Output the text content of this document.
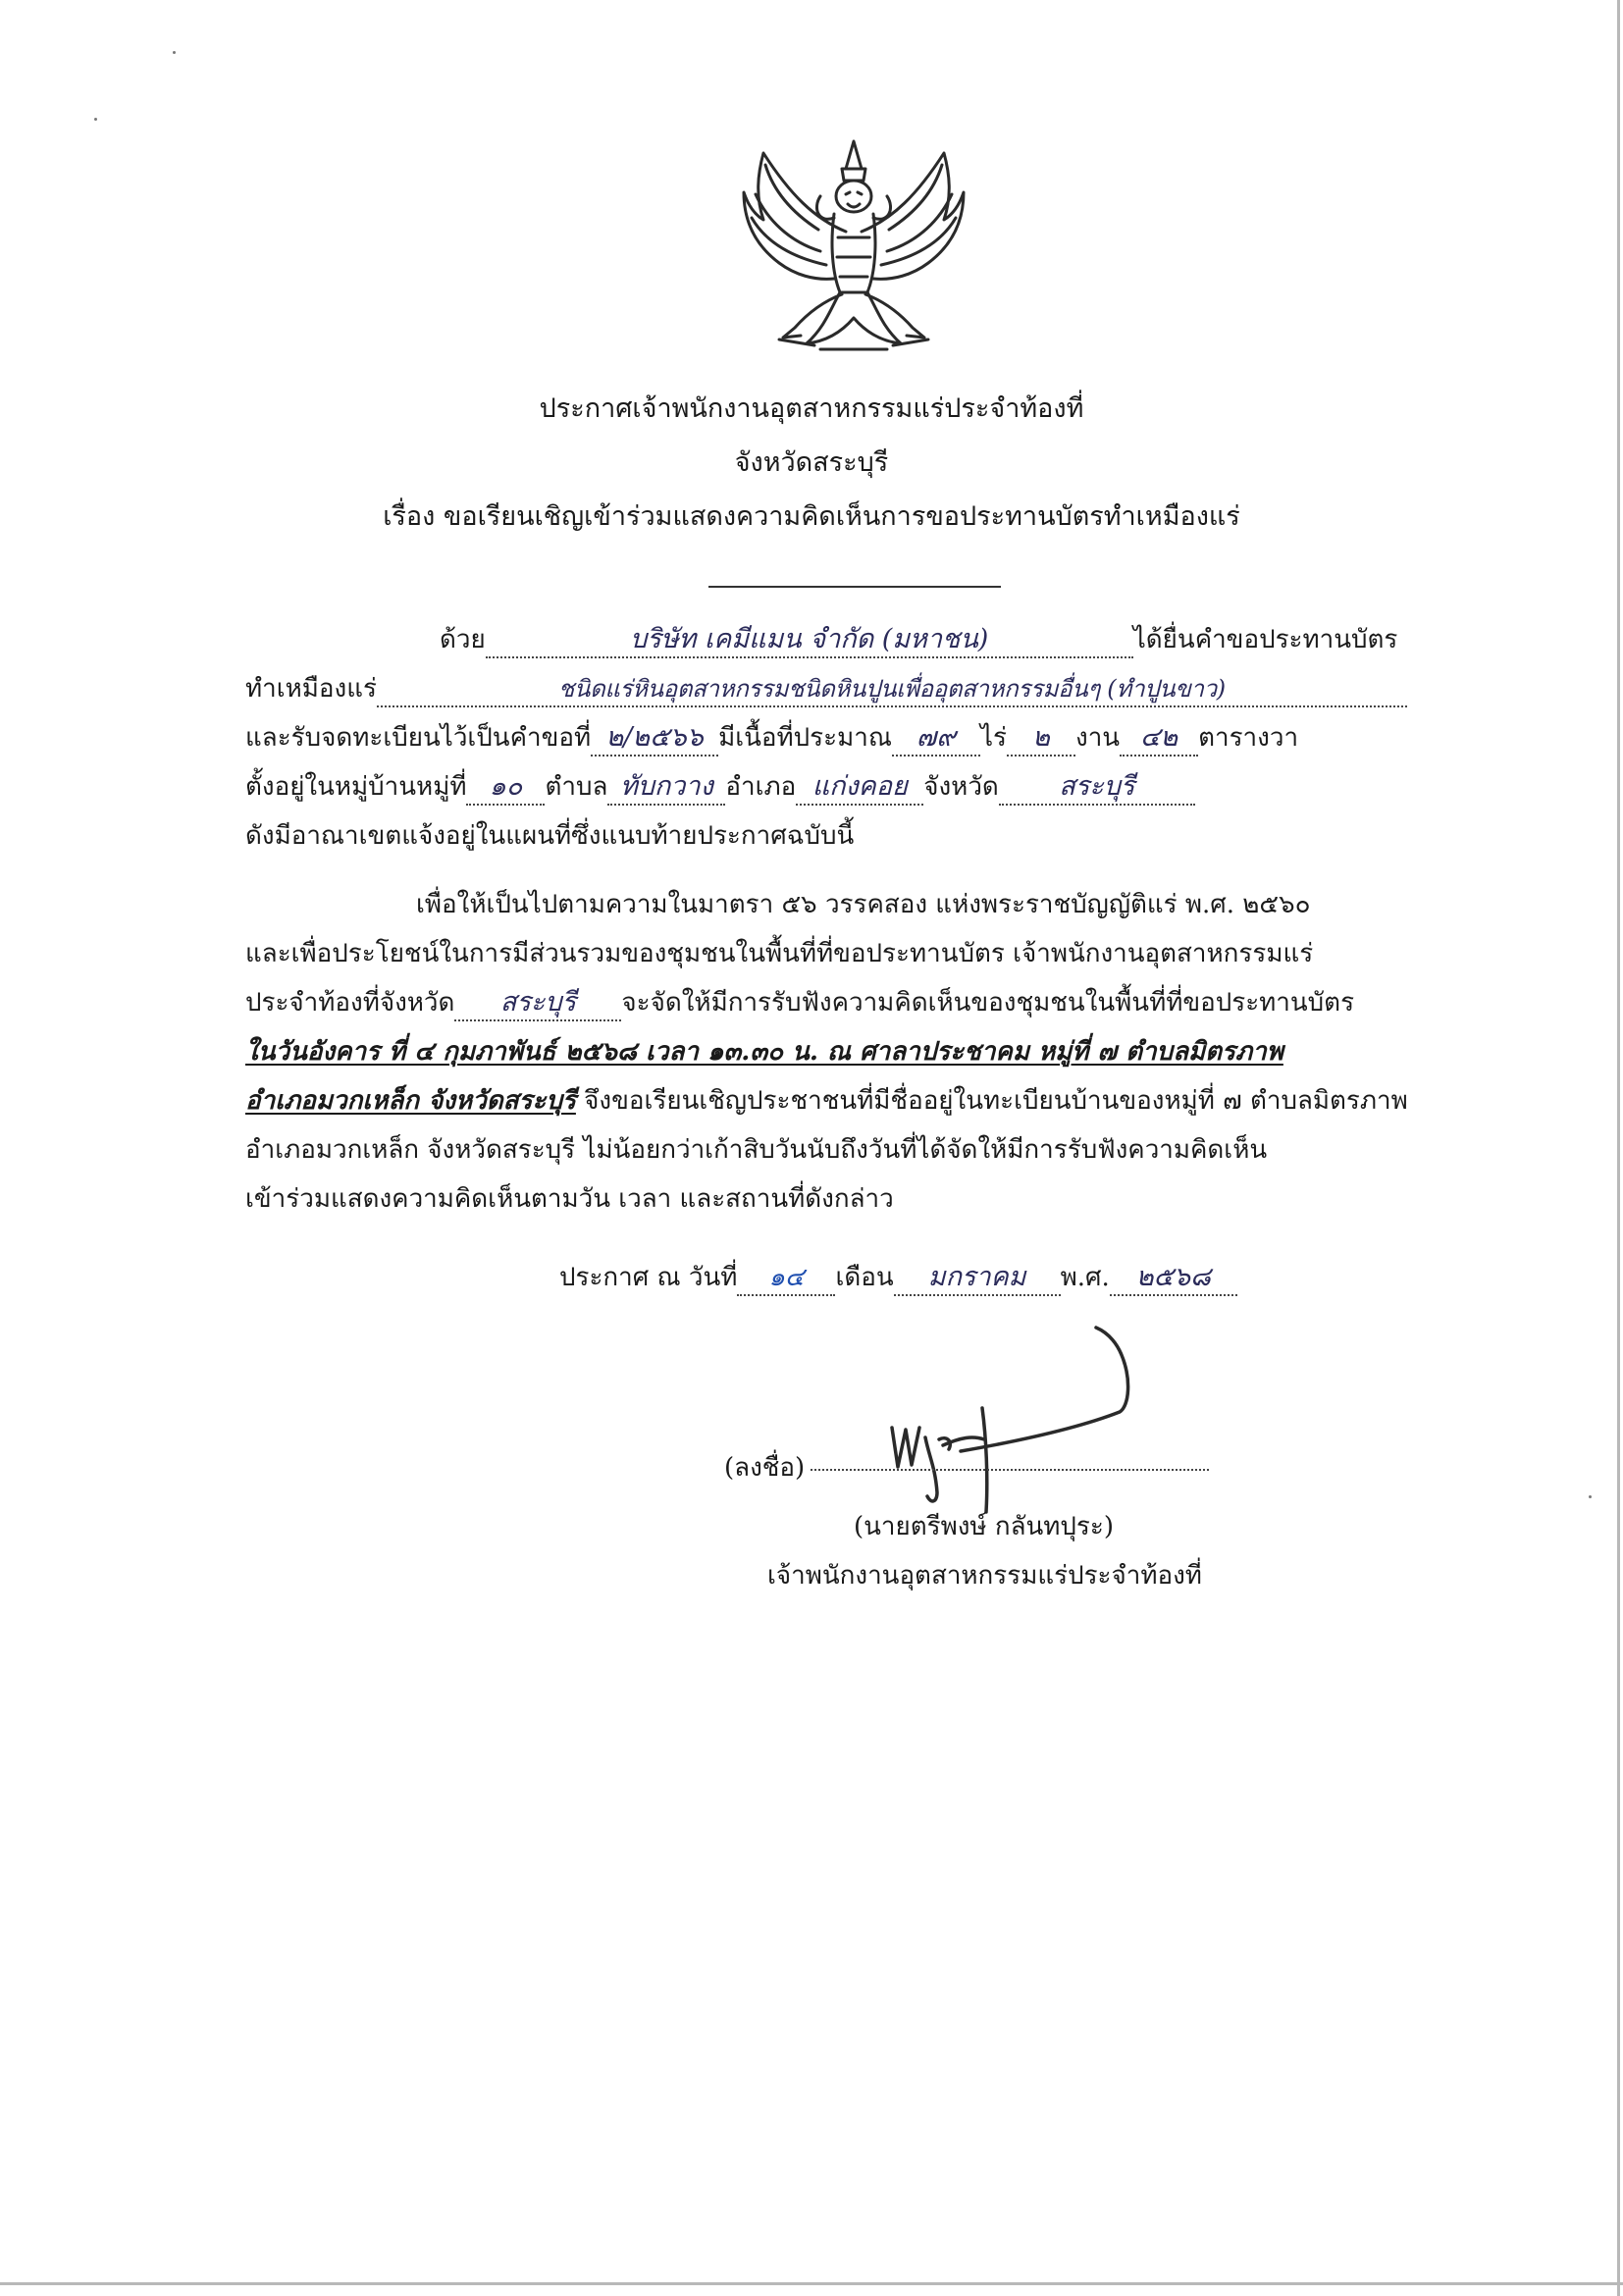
ประกาศเจ้าพนักงานอุตสาหกรรมแร่ประจำท้องที่
จังหวัดสระบุรี
เรื่อง ขอเรียนเชิญเข้าร่วมแสดงความคิดเห็นการขอประทานบัตรทำเหมืองแร่
ด้วย	บริษัท เคมีแมน จำกัด (มหาชน)	ได้ยื่นคำขอประทานบัตร
ทำเหมืองแร่	ชนิดแร่หินอุตสาหกรรมชนิดหินปูนเพื่ออุตสาหกรรมอื่นๆ (ทำปูนขาว)
และรับจดทะเบียนไว้เป็นคำขอที่ ๒/๒๕๖๖ มีเนื้อที่ประมาณ ๗๙ ไร่ ๒ งาน ๔๒ ตารางวา
ตั้งอยู่ในหมู่บ้านหมู่ที่ ๑๐ ตำบล ทับกวาง อำเภอ แก่งคอย จังหวัด สระบุรี
ดังมีอาณาเขตแจ้งอยู่ในแผนที่ซึ่งแนบท้ายประกาศฉบับนี้
เพื่อให้เป็นไปตามความในมาตรา ๕๖ วรรคสอง แห่งพระราชบัญญัติแร่ พ.ศ. ๒๕๖๐
และเพื่อประโยชน์ในการมีส่วนรวมของชุมชนในพื้นที่ที่ขอประทานบัตร เจ้าพนักงานอุตสาหกรรมแร่
ประจำท้องที่จังหวัด สระบุรี จะจัดให้มีการรับฟังความคิดเห็นของชุมชนในพื้นที่ที่ขอประทานบัตร
ในวันอังคาร ที่ ๔ กุมภาพันธ์ ๒๕๖๘ เวลา ๑๓.๓๐ น. ณ ศาลาประชาคม หมู่ที่ ๗ ตำบลมิตรภาพ
อำเภอมวกเหล็ก จังหวัดสระบุรี จึงขอเรียนเชิญประชาชนที่มีชื่ออยู่ในทะเบียนบ้านของหมู่ที่ ๗ ตำบลมิตรภาพ
อำเภอมวกเหล็ก จังหวัดสระบุรี ไม่น้อยกว่าเก้าสิบวันนับถึงวันที่ได้จัดให้มีการรับฟังความคิดเห็น
เข้าร่วมแสดงความคิดเห็นตามวัน เวลา และสถานที่ดังกล่าว
ประกาศ ณ วันที่ ๑๔ เดือน มกราคม พ.ศ. ๒๕๖๘
(ลงชื่อ)
(นายตรีพงษ์ กลันทปุระ)
เจ้าพนักงานอุตสาหกรรมแร่ประจำท้องที่
